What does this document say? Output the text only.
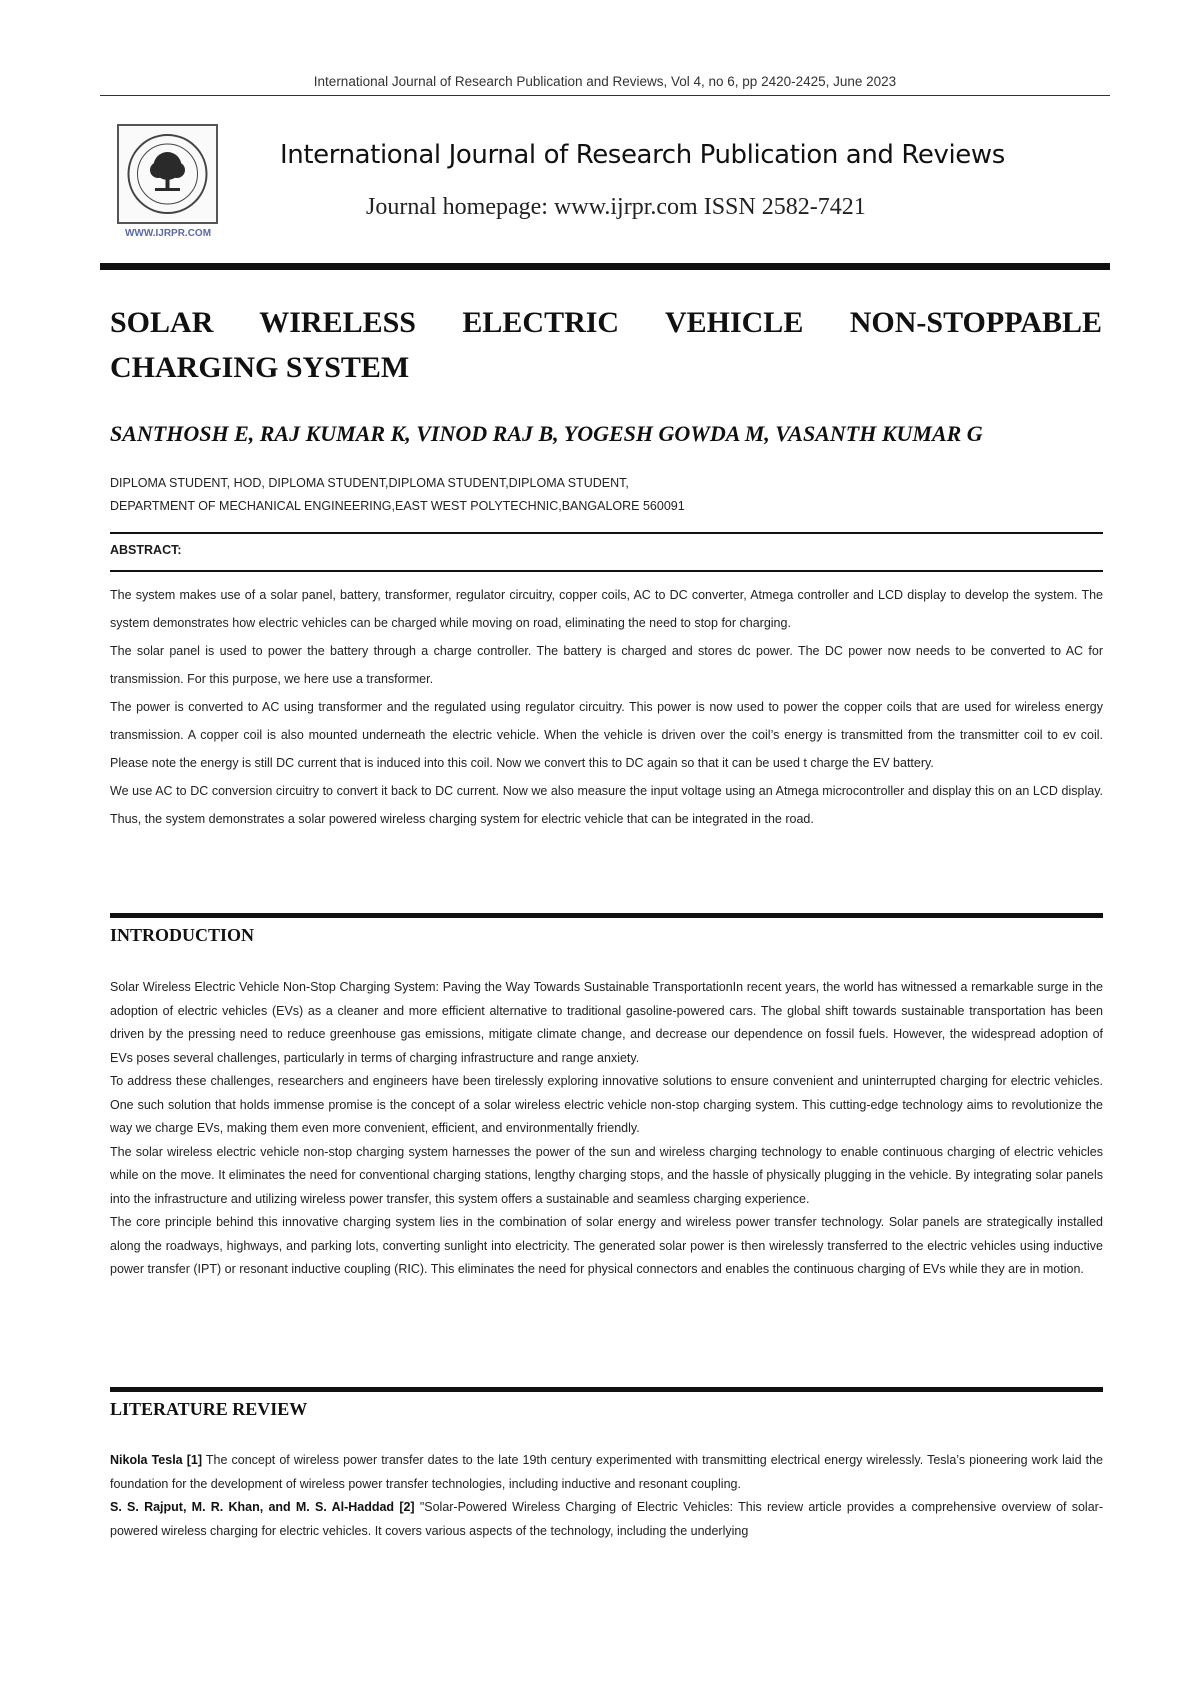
International Journal of Research Publication and Reviews, Vol 4, no 6, pp 2420-2425, June 2023
WWW.IJRPR.COM
International Journal of Research Publication and Reviews
Journal homepage: www.ijrpr.com ISSN 2582-7421
SOLAR WIRELESS ELECTRIC VEHICLE NON-STOPPABLE
CHARGING SYSTEM
SANTHOSH E, RAJ KUMAR K, VINOD RAJ B, YOGESH GOWDA M, VASANTH KUMAR G
DIPLOMA STUDENT, HOD, DIPLOMA STUDENT,DIPLOMA STUDENT,DIPLOMA STUDENT,
DEPARTMENT OF MECHANICAL ENGINEERING,EAST WEST POLYTECHNIC,BANGALORE 560091
ABSTRACT:

The system makes use of a solar panel, battery, transformer, regulator circuitry, copper coils, AC to DC converter, Atmega controller and LCD display to develop the system. The system demonstrates how electric vehicles can be charged while moving on road, eliminating the need to stop for charging.

The solar panel is used to power the battery through a charge controller. The battery is charged and stores dc power. The DC power now needs to be converted to AC for transmission. For this purpose, we here use a transformer.

The power is converted to AC using transformer and the regulated using regulator circuitry. This power is now used to power the copper coils that are used for wireless energy transmission. A copper coil is also mounted underneath the electric vehicle. When the vehicle is driven over the coil’s energy is transmitted from the transmitter coil to ev coil. Please note the energy is still DC current that is induced into this coil. Now we convert this to DC again so that it can be used t charge the EV battery.

We use AC to DC conversion circuitry to convert it back to DC current. Now we also measure the input voltage using an Atmega microcontroller and display this on an LCD display. Thus, the system demonstrates a solar powered wireless charging system for electric vehicle that can be integrated in the road.

INTRODUCTION

Solar Wireless Electric Vehicle Non-Stop Charging System: Paving the Way Towards Sustainable TransportationIn recent years, the world has witnessed a remarkable surge in the adoption of electric vehicles (EVs) as a cleaner and more efficient alternative to traditional gasoline-powered cars. The global shift towards sustainable transportation has been driven by the pressing need to reduce greenhouse gas emissions, mitigate climate change, and decrease our dependence on fossil fuels. However, the widespread adoption of EVs poses several challenges, particularly in terms of charging infrastructure and range anxiety.

To address these challenges, researchers and engineers have been tirelessly exploring innovative solutions to ensure convenient and uninterrupted charging for electric vehicles. One such solution that holds immense promise is the concept of a solar wireless electric vehicle non-stop charging system. This cutting-edge technology aims to revolutionize the way we charge EVs, making them even more convenient, efficient, and environmentally friendly.

The solar wireless electric vehicle non-stop charging system harnesses the power of the sun and wireless charging technology to enable continuous charging of electric vehicles while on the move. It eliminates the need for conventional charging stations, lengthy charging stops, and the hassle of physically plugging in the vehicle. By integrating solar panels into the infrastructure and utilizing wireless power transfer, this system offers a sustainable and seamless charging experience.

The core principle behind this innovative charging system lies in the combination of solar energy and wireless power transfer technology. Solar panels are strategically installed along the roadways, highways, and parking lots, converting sunlight into electricity. The generated solar power is then wirelessly transferred to the electric vehicles using inductive power transfer (IPT) or resonant inductive coupling (RIC). This eliminates the need for physical connectors and enables the continuous charging of EVs while they are in motion.

LITERATURE REVIEW

Nikola Tesla [1] The concept of wireless power transfer dates to the late 19th century experimented with transmitting electrical energy wirelessly. Tesla’s pioneering work laid the foundation for the development of wireless power transfer technologies, including inductive and resonant coupling.

S. S. Rajput, M. R. Khan, and M. S. Al-Haddad [2] "Solar-Powered Wireless Charging of Electric Vehicles: This review article provides a comprehensive overview of solar-powered wireless charging for electric vehicles. It covers various aspects of the technology, including the underlying
